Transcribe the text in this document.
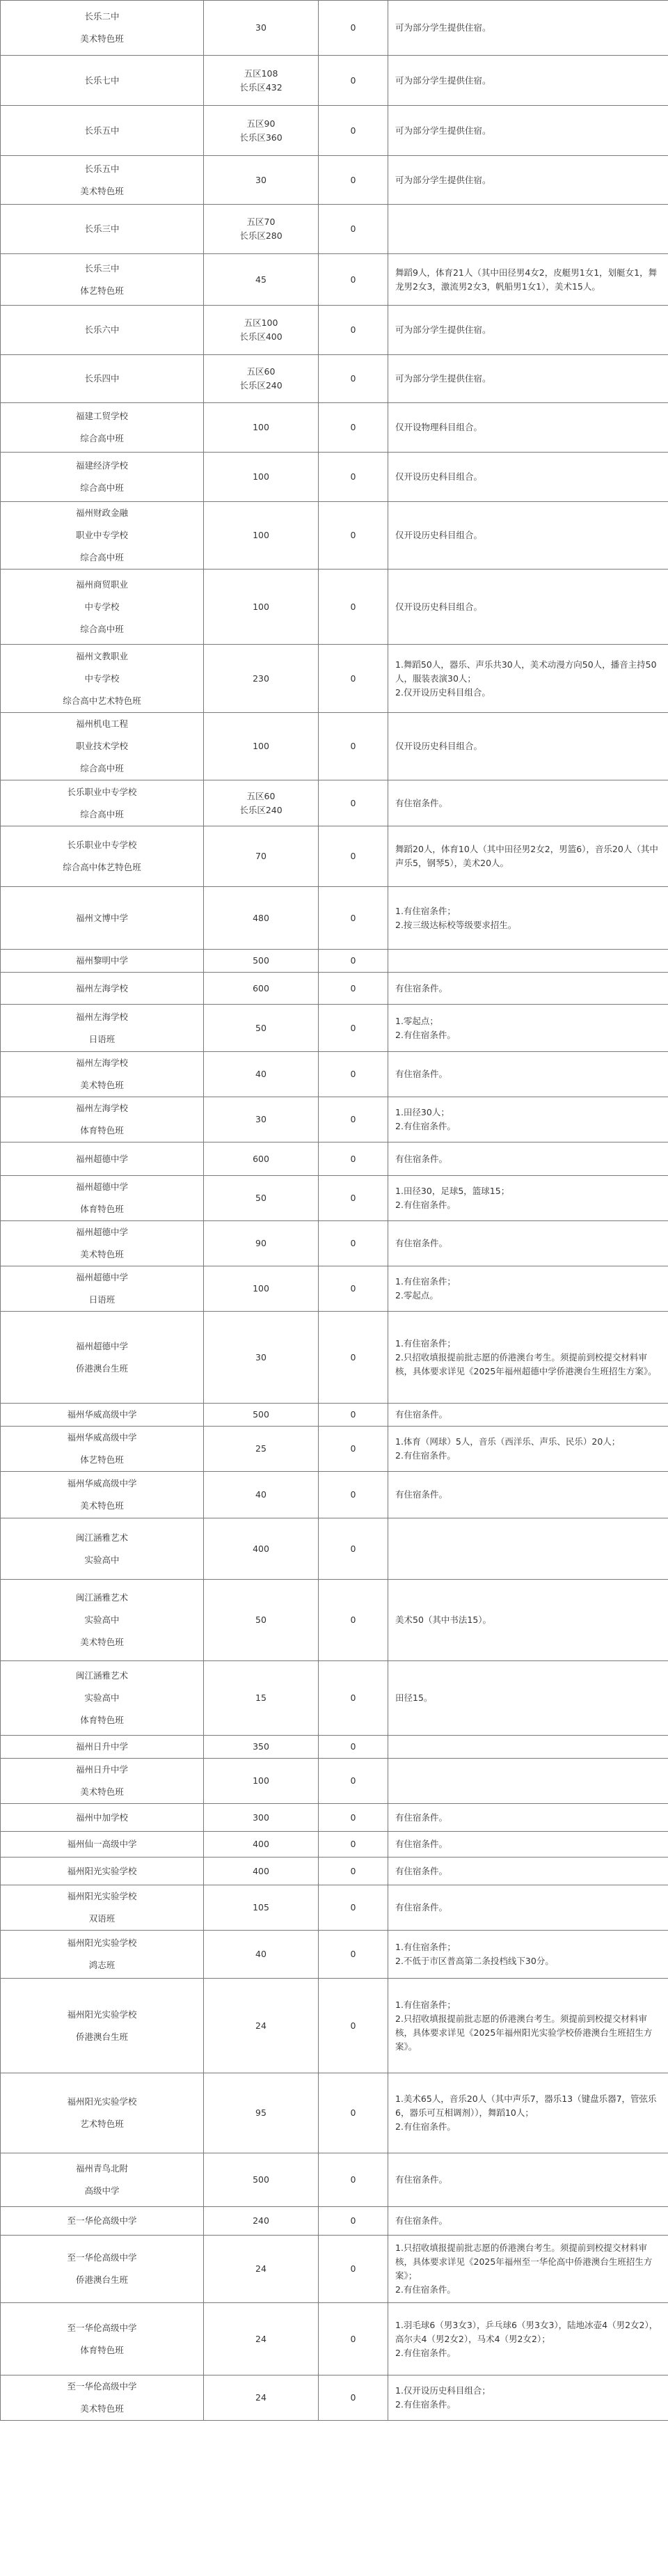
长乐二中
美术特色班	30	0	可为部分学生提供住宿。

长乐七中	五区108
长乐区432	0	可为部分学生提供住宿。

长乐五中	五区90
长乐区360	0	可为部分学生提供住宿。

长乐五中
美术特色班	30	0	可为部分学生提供住宿。

长乐三中	五区70
长乐区280	0	

长乐三中
体艺特色班	45	0	舞蹈9人，体育21人（其中田径男4女2，皮艇男1女1，划艇女1，舞龙男2女3，激流男2女3，帆船男1女1），美术15人。

长乐六中	五区100
长乐区400	0	可为部分学生提供住宿。

长乐四中	五区60
长乐区240	0	可为部分学生提供住宿。

福建工贸学校
综合高中班	100	0	仅开设物理科目组合。

福建经济学校
综合高中班	100	0	仅开设历史科目组合。

福州财政金融
职业中专学校
综合高中班	100	0	仅开设历史科目组合。

福州商贸职业
中专学校
综合高中班	100	0	仅开设历史科目组合。

福州文教职业
中专学校
综合高中艺术特色班	230	0	1.舞蹈50人，器乐、声乐共30人，美术动漫方向50人，播音主持50人，服装表演30人；
2.仅开设历史科目组合。

福州机电工程
职业技术学校
综合高中班	100	0	仅开设历史科目组合。

长乐职业中专学校
综合高中班	五区60
长乐区240	0	有住宿条件。

长乐职业中专学校
综合高中体艺特色班	70	0	舞蹈20人，体育10人（其中田径男2女2，男篮6），音乐20人（其中声乐5，钢琴5），美术20人。

福州文博中学	480	0	1.有住宿条件；
2.按三级达标校等级要求招生。

福州黎明中学	500	0	

福州左海学校	600	0	有住宿条件。

福州左海学校
日语班	50	0	1.零起点；
2.有住宿条件。

福州左海学校
美术特色班	40	0	有住宿条件。

福州左海学校
体育特色班	30	0	1.田径30人；
2.有住宿条件。

福州超德中学	600	0	有住宿条件。

福州超德中学
体育特色班	50	0	1.田径30，足球5，篮球15；
2.有住宿条件。

福州超德中学
美术特色班	90	0	有住宿条件。

福州超德中学
日语班	100	0	1.有住宿条件；
2.零起点。

福州超德中学
侨港澳台生班	30	0	1.有住宿条件；
2.只招收填报提前批志愿的侨港澳台考生。须提前到校提交材料审核，具体要求详见《2025年福州超德中学侨港澳台生班招生方案》。

福州华威高级中学	500	0	有住宿条件。

福州华威高级中学
体艺特色班	25	0	1.体育（网球）5人，音乐（西洋乐、声乐、民乐）20人；
2.有住宿条件。

福州华威高级中学
美术特色班	40	0	有住宿条件。

闽江涵雅艺术
实验高中	400	0	

闽江涵雅艺术
实验高中
美术特色班	50	0	美术50（其中书法15）。

闽江涵雅艺术
实验高中
体育特色班	15	0	田径15。

福州日升中学	350	0	

福州日升中学
美术特色班	100	0	

福州中加学校	300	0	有住宿条件。

福州仙一高级中学	400	0	有住宿条件。

福州阳光实验学校	400	0	有住宿条件。

福州阳光实验学校
双语班	105	0	有住宿条件。

福州阳光实验学校
鸿志班	40	0	1.有住宿条件；
2.不低于市区普高第二条投档线下30分。

福州阳光实验学校
侨港澳台生班	24	0	1.有住宿条件；
2.只招收填报提前批志愿的侨港澳台考生。须提前到校提交材料审核，具体要求详见《2025年福州阳光实验学校侨港澳台生班招生方案》。

福州阳光实验学校
艺术特色班	95	0	1.美术65人，音乐20人（其中声乐7，器乐13（键盘乐器7，管弦乐6，器乐可互相调剂）），舞蹈10人；
2.有住宿条件。

福州青鸟北附
高级中学	500	0	有住宿条件。

至一华伦高级中学	240	0	有住宿条件。

至一华伦高级中学
侨港澳台生班	24	0	1.只招收填报提前批志愿的侨港澳台考生。须提前到校提交材料审核，具体要求详见《2025年福州至一华伦高中侨港澳台生班招生方案》；
2.有住宿条件。

至一华伦高级中学
体育特色班	24	0	1.羽毛球6（男3女3），乒乓球6（男3女3），陆地冰壶4（男2女2），高尔夫4（男2女2），马术4（男2女2）；
2.有住宿条件。

至一华伦高级中学
美术特色班	24	0	1.仅开设历史科目组合；
2.有住宿条件。
